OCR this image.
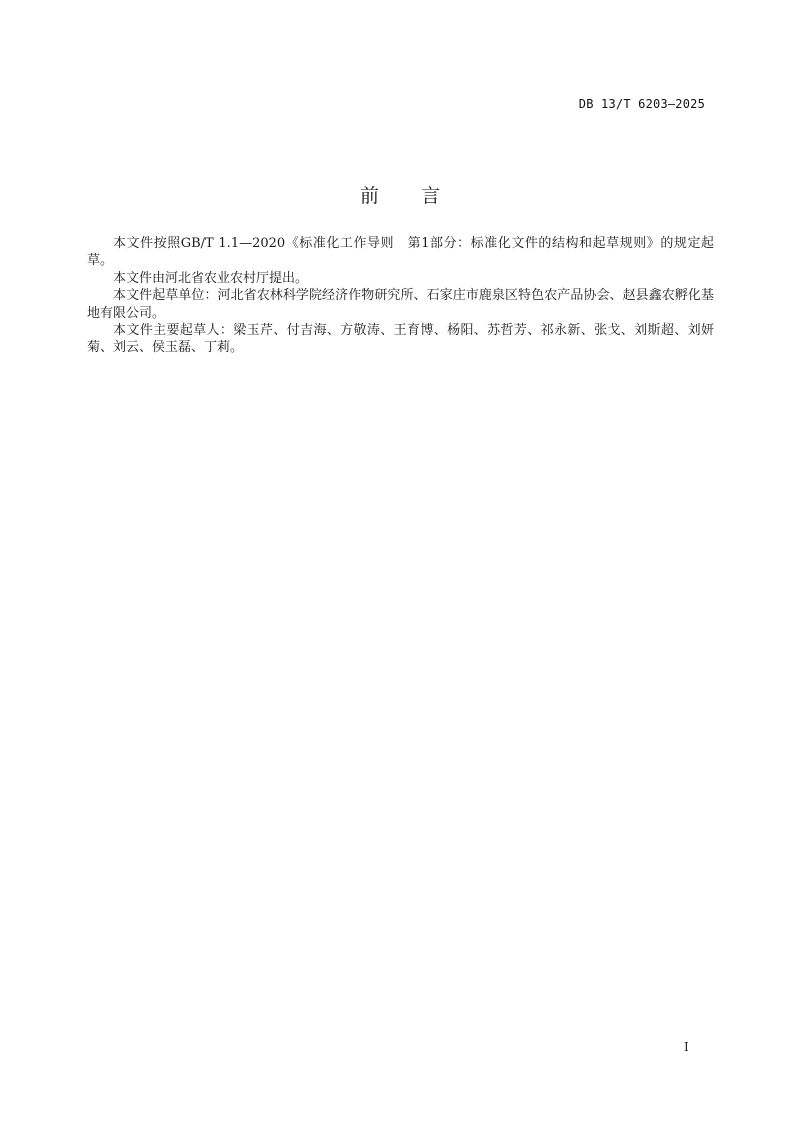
DB 13/T 6203—2025
前 言

本文件按照GB/T 1.1—2020《标准化工作导则　第1部分：标准化文件的结构和起草规则》的规定起草。

本文件由河北省农业农村厅提出。

本文件起草单位：河北省农林科学院经济作物研究所、石家庄市鹿泉区特色农产品协会、赵县鑫农孵化基地有限公司。

本文件主要起草人：梁玉芹、付吉海、方敬涛、王育博、杨阳、苏哲芳、祁永新、张戈、刘斯超、刘妍菊、刘云、侯玉磊、丁莉。

I
